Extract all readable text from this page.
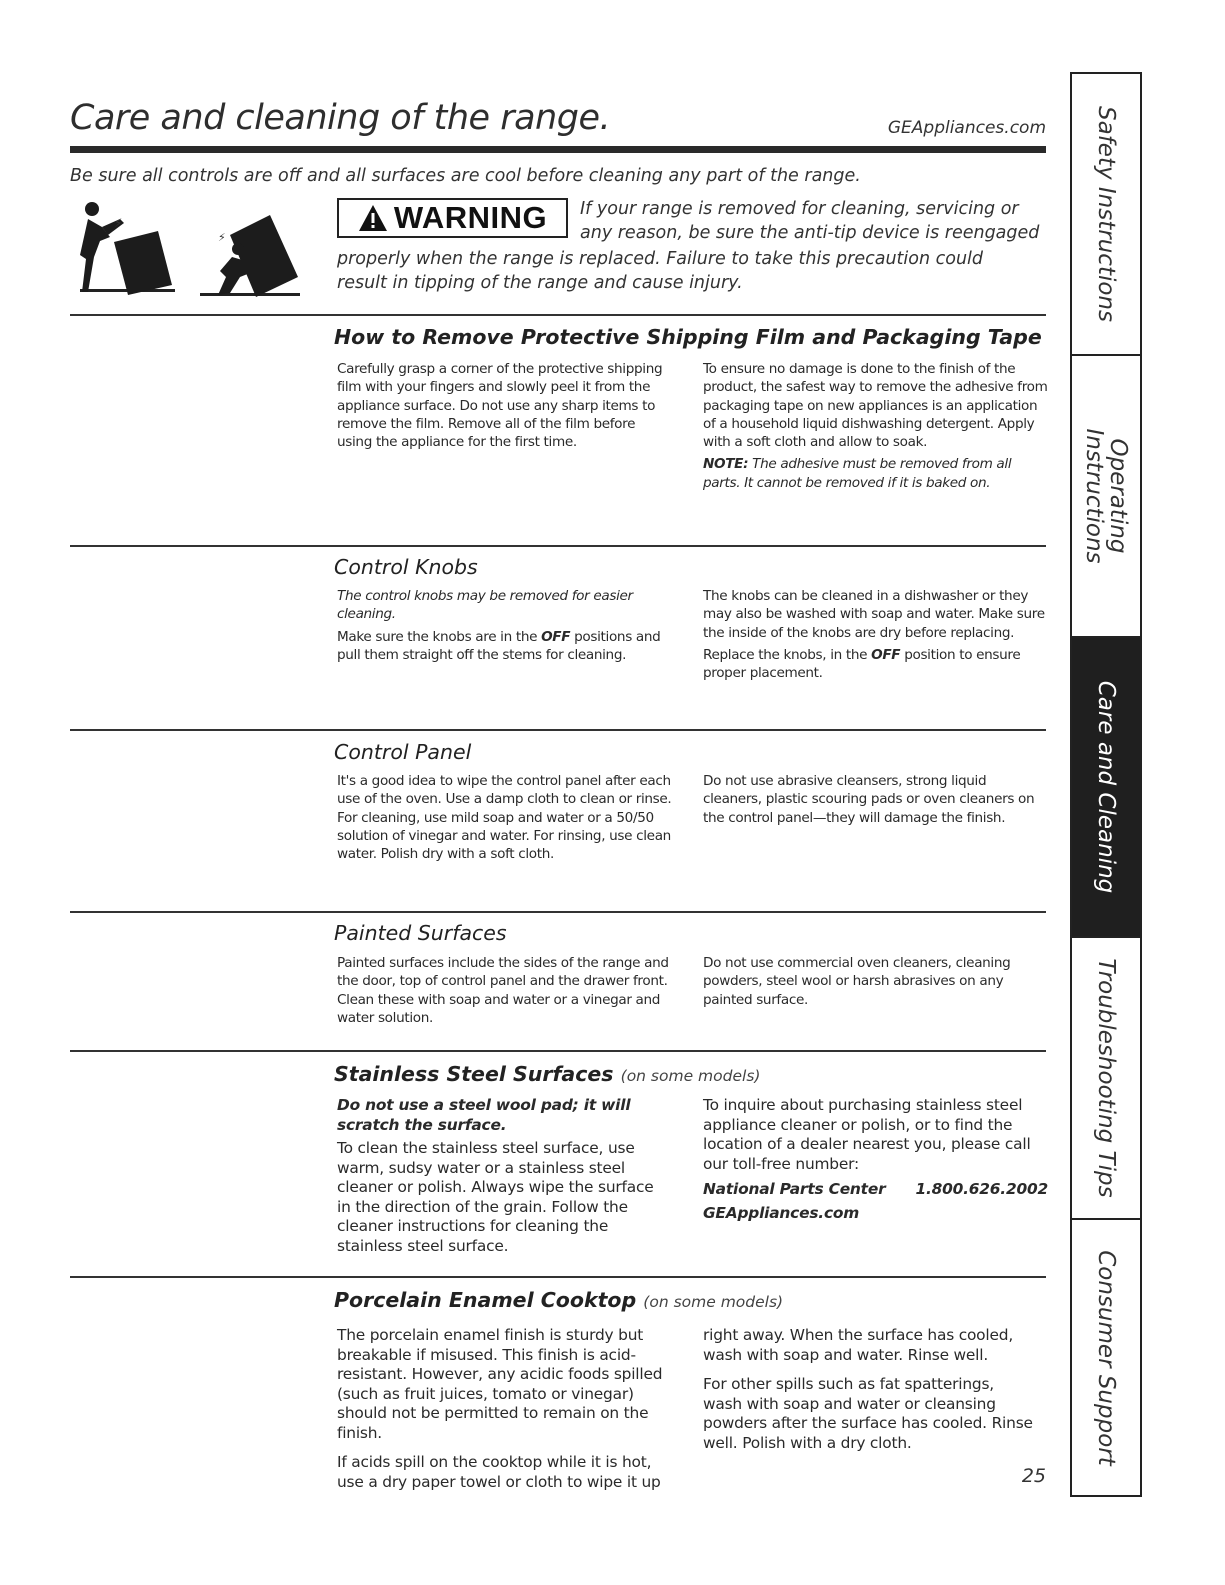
Care and cleaning of the range.	GEAppliances.com
Be sure all controls are off and all surfaces are cool before cleaning any part of the range.
⚡
⚡
WARNING If your range is removed for cleaning, servicing or
any reason, be sure the anti-tip device is reengaged
properly when the range is replaced. Failure to take this precaution could result in tipping of the range and cause injury.
How to Remove Protective Shipping Film and Packaging Tape

Carefully grasp a corner of the protective shipping film with your fingers and slowly peel it from the appliance surface. Do not use any sharp items to remove the film. Remove all of the film before using the appliance for the first time.

To ensure no damage is done to the finish of the product, the safest way to remove the adhesive from packaging tape on new appliances is an application of a household liquid dishwashing detergent. Apply with a soft cloth and allow to soak.

NOTE: The adhesive must be removed from all parts. It cannot be removed if it is baked on.

Control Knobs

The control knobs may be removed for easier cleaning.

Make sure the knobs are in the OFF positions and pull them straight off the stems for cleaning.

The knobs can be cleaned in a dishwasher or they may also be washed with soap and water. Make sure the inside of the knobs are dry before replacing.

Replace the knobs, in the OFF position to ensure proper placement.

Control Panel

It's a good idea to wipe the control panel after each use of the oven. Use a damp cloth to clean or rinse. For cleaning, use mild soap and water or a 50/50 solution of vinegar and water. For rinsing, use clean water. Polish dry with a soft cloth.

Do not use abrasive cleansers, strong liquid cleaners, plastic scouring pads or oven cleaners on the control panel—they will damage the finish.

Painted Surfaces

Painted surfaces include the sides of the range and the door, top of control panel and the drawer front. Clean these with soap and water or a vinegar and water solution.

Do not use commercial oven cleaners, cleaning powders, steel wool or harsh abrasives on any painted surface.

Stainless Steel Surfaces (on some models)

Do not use a steel wool pad; it will scratch the surface.

To clean the stainless steel surface, use warm, sudsy water or a stainless steel cleaner or polish. Always wipe the surface in the direction of the grain. Follow the cleaner instructions for cleaning the stainless steel surface.

To inquire about purchasing stainless steel appliance cleaner or polish, or to find the location of a dealer nearest you, please call our toll-free number:

National Parts Center 1.800.626.2002
GEAppliances.com
Porcelain Enamel Cooktop (on some models)

The porcelain enamel finish is sturdy but breakable if misused. This finish is acid-resistant. However, any acidic foods spilled (such as fruit juices, tomato or vinegar) should not be permitted to remain on the finish.

If acids spill on the cooktop while it is hot, use a dry paper towel or cloth to wipe it up

right away. When the surface has cooled, wash with soap and water. Rinse well.

For other spills such as fat spatterings, wash with soap and water or cleansing powders after the surface has cooled. Rinse well. Polish with a dry cloth.

25
Safety Instructions
Operating
Instructions
Care and Cleaning
Troubleshooting Tips
Consumer Support
